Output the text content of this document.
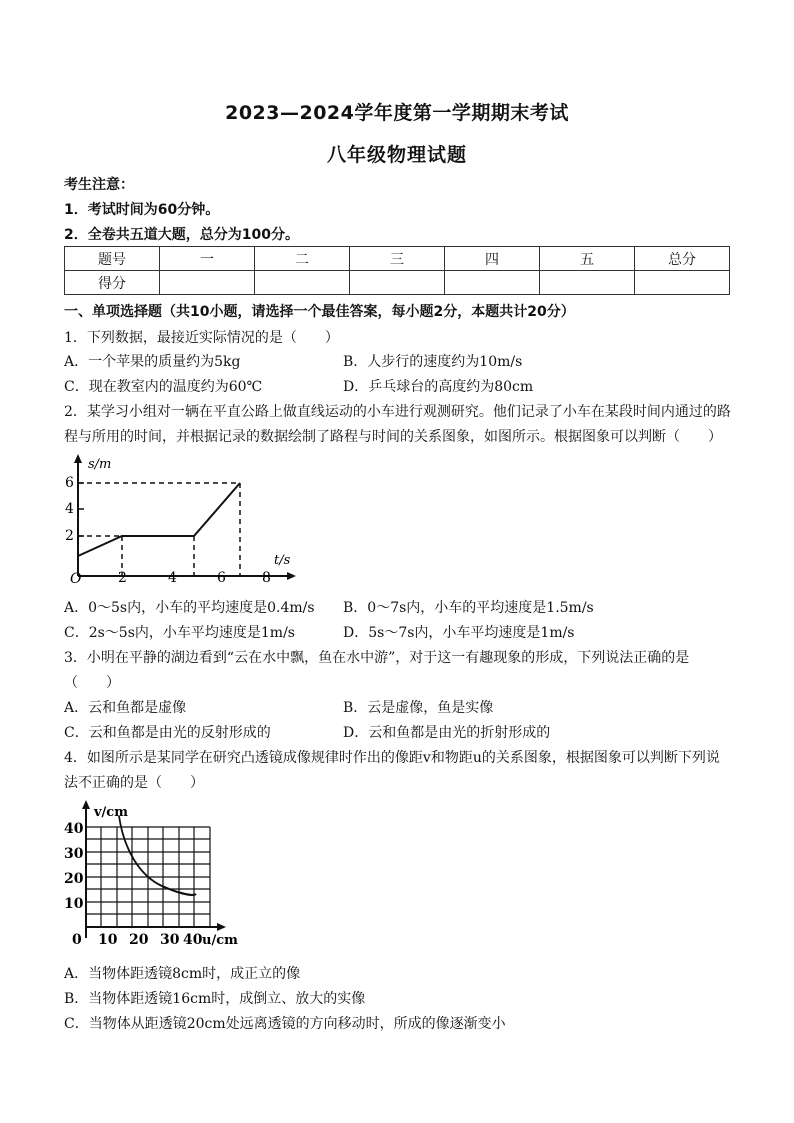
2023—2024学年度第一学期期末考试
八年级物理试题
考生注意：
1．考试时间为60分钟。
2．全卷共五道大题，总分为100分。
题号	一	二	三	四	五	总分
得分						
一、单项选择题（共10小题，请选择一个最佳答案，每小题2分，本题共计20分）
1．下列数据，最接近实际情况的是（　　）
A．一个苹果的质量约为5kg	B．人步行的速度约为10m/s
C．现在教室内的温度约为60℃	D．乒乓球台的高度约为80cm
2．某学习小组对一辆在平直公路上做直线运动的小车进行观测研究。他们记录了小车在某段时间内通过的路
程与所用的时间，并根据记录的数据绘制了路程与时间的关系图象，如图所示。根据图象可以判断（　　）
s/m
t/s
2
4
6
O	2	4	6	8
A．0～5s内，小车的平均速度是0.4m/s B．0～7s内，小车的平均速度是1.5m/s
C．2s～5s内，小车平均速度是1m/s	D．5s～7s内，小车平均速度是1m/s
3．小明在平静的湖边看到“云在水中飘，鱼在水中游”，对于这一有趣现象的形成，下列说法正确的是
（　　）
A．云和鱼都是虚像	B．云是虚像，鱼是实像
C．云和鱼都是由光的反射形成的	D．云和鱼都是由光的折射形成的
4．如图所示是某同学在研究凸透镜成像规律时作出的像距v和物距u的关系图象，根据图象可以判断下列说
法不正确的是（　　）
v/cm
u/cm
10
20
30
40
0 10 20 30 40
A．当物体距透镜8cm时，成正立的像
B．当物体距透镜16cm时，成倒立、放大的实像
C．当物体从距透镜20cm处远离透镜的方向移动时，所成的像逐渐变小
